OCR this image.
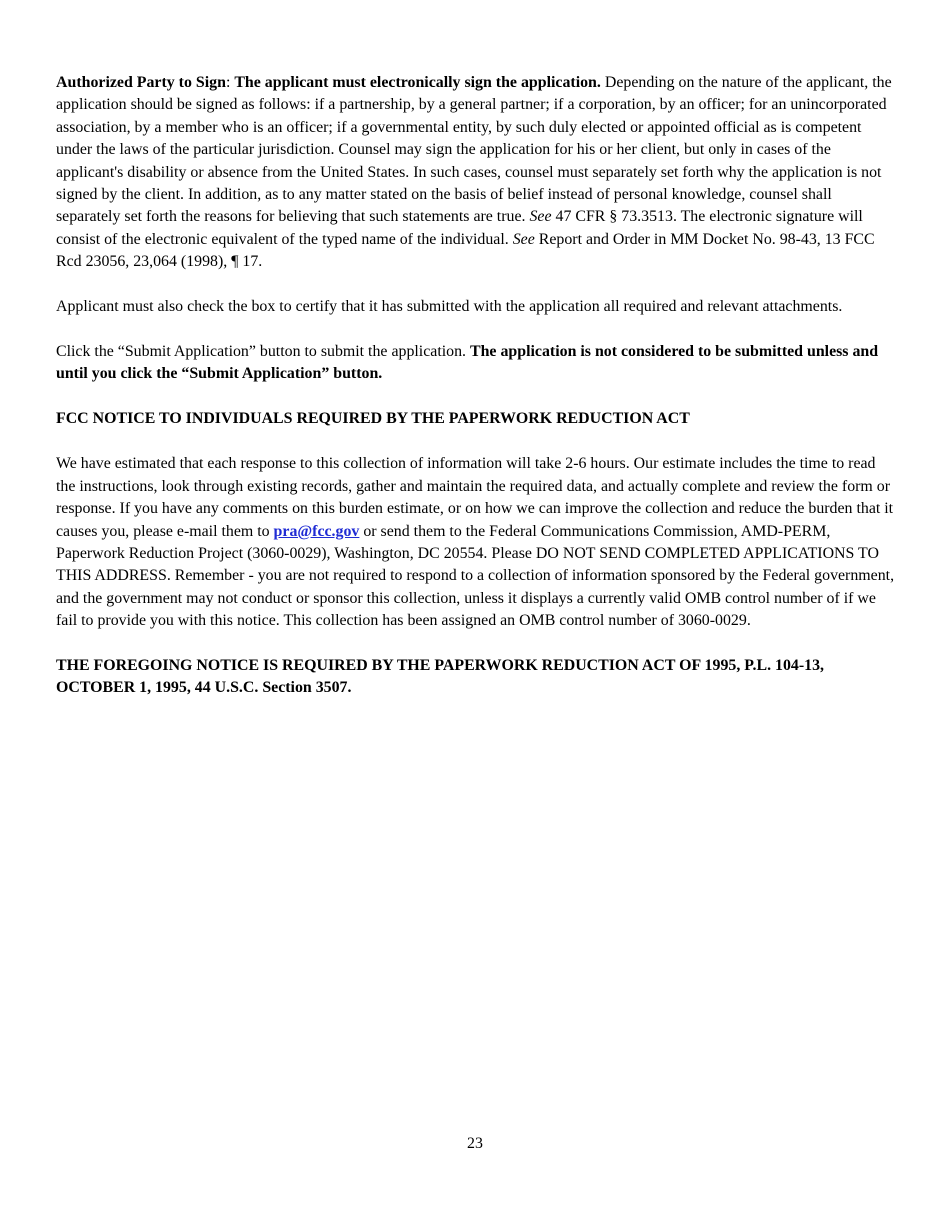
Authorized Party to Sign: The applicant must electronically sign the application. Depending on the nature of the applicant, the application should be signed as follows: if a partnership, by a general partner; if a corporation, by an officer; for an unincorporated association, by a member who is an officer; if a governmental entity, by such duly elected or appointed official as is competent under the laws of the particular jurisdiction. Counsel may sign the application for his or her client, but only in cases of the applicant's disability or absence from the United States. In such cases, counsel must separately set forth why the application is not signed by the client. In addition, as to any matter stated on the basis of belief instead of personal knowledge, counsel shall separately set forth the reasons for believing that such statements are true. See 47 CFR § 73.3513. The electronic signature will consist of the electronic equivalent of the typed name of the individual. See Report and Order in MM Docket No. 98-43, 13 FCC Rcd 23056, 23,064 (1998), ¶ 17.

Applicant must also check the box to certify that it has submitted with the application all required and relevant attachments.

Click the “Submit Application” button to submit the application. The application is not considered to be submitted unless and until you click the “Submit Application” button.

FCC NOTICE TO INDIVIDUALS REQUIRED BY THE PAPERWORK REDUCTION ACT

We have estimated that each response to this collection of information will take 2-6 hours. Our estimate includes the time to read the instructions, look through existing records, gather and maintain the required data, and actually complete and review the form or response. If you have any comments on this burden estimate, or on how we can improve the collection and reduce the burden that it causes you, please e-mail them to pra@fcc.gov or send them to the Federal Communications Commission, AMD-PERM, Paperwork Reduction Project (3060-0029), Washington, DC 20554. Please DO NOT SEND COMPLETED APPLICATIONS TO THIS ADDRESS. Remember - you are not required to respond to a collection of information sponsored by the Federal government, and the government may not conduct or sponsor this collection, unless it displays a currently valid OMB control number of if we fail to provide you with this notice. This collection has been assigned an OMB control number of 3060-0029.

THE FOREGOING NOTICE IS REQUIRED BY THE PAPERWORK REDUCTION ACT OF 1995, P.L. 104-13, OCTOBER 1, 1995, 44 U.S.C. Section 3507.

23
